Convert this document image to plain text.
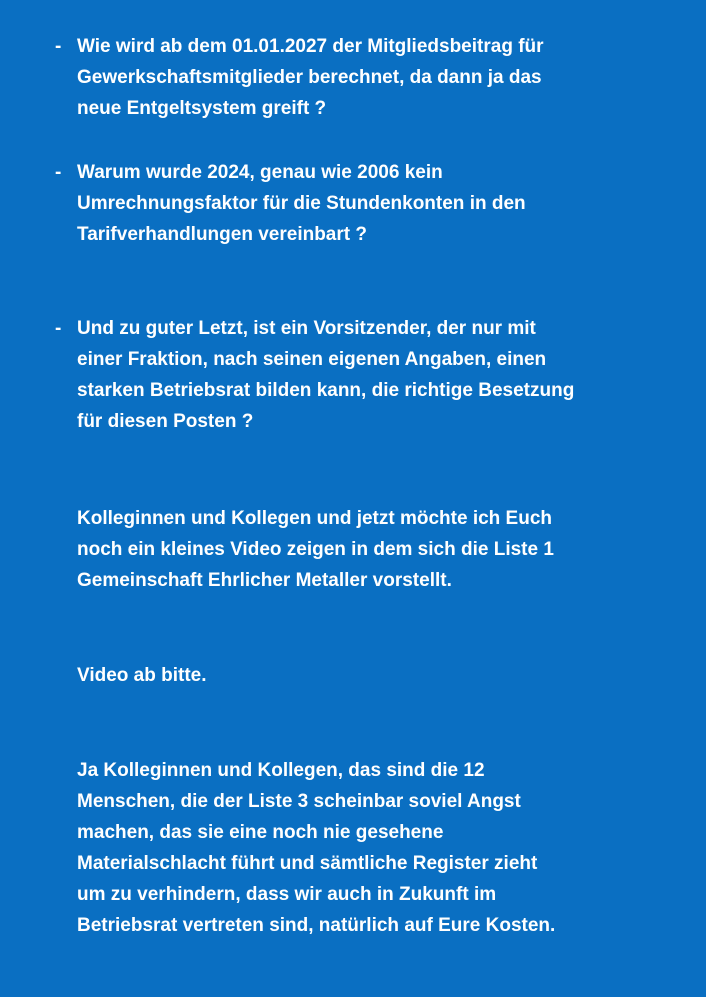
- Wie wird ab dem 01.01.2027 der Mitgliedsbeitrag für
Gewerkschaftsmitglieder berechnet, da dann ja das
neue Entgeltsystem greift ?
- Warum wurde 2024, genau wie 2006 kein
Umrechnungsfaktor für die Stundenkonten in den
Tarifverhandlungen vereinbart ?
- Und zu guter Letzt, ist ein Vorsitzender, der nur mit
einer Fraktion, nach seinen eigenen Angaben, einen
starken Betriebsrat bilden kann, die richtige Besetzung
für diesen Posten ?
Kolleginnen und Kollegen und jetzt möchte ich Euch
noch ein kleines Video zeigen in dem sich die Liste 1
Gemeinschaft Ehrlicher Metaller vorstellt.
Video ab bitte.
Ja Kolleginnen und Kollegen, das sind die 12
Menschen, die der Liste 3 scheinbar soviel Angst
machen, das sie eine noch nie gesehene
Materialschlacht führt und sämtliche Register zieht
um zu verhindern, dass wir auch in Zukunft im
Betriebsrat vertreten sind, natürlich auf Eure Kosten.
